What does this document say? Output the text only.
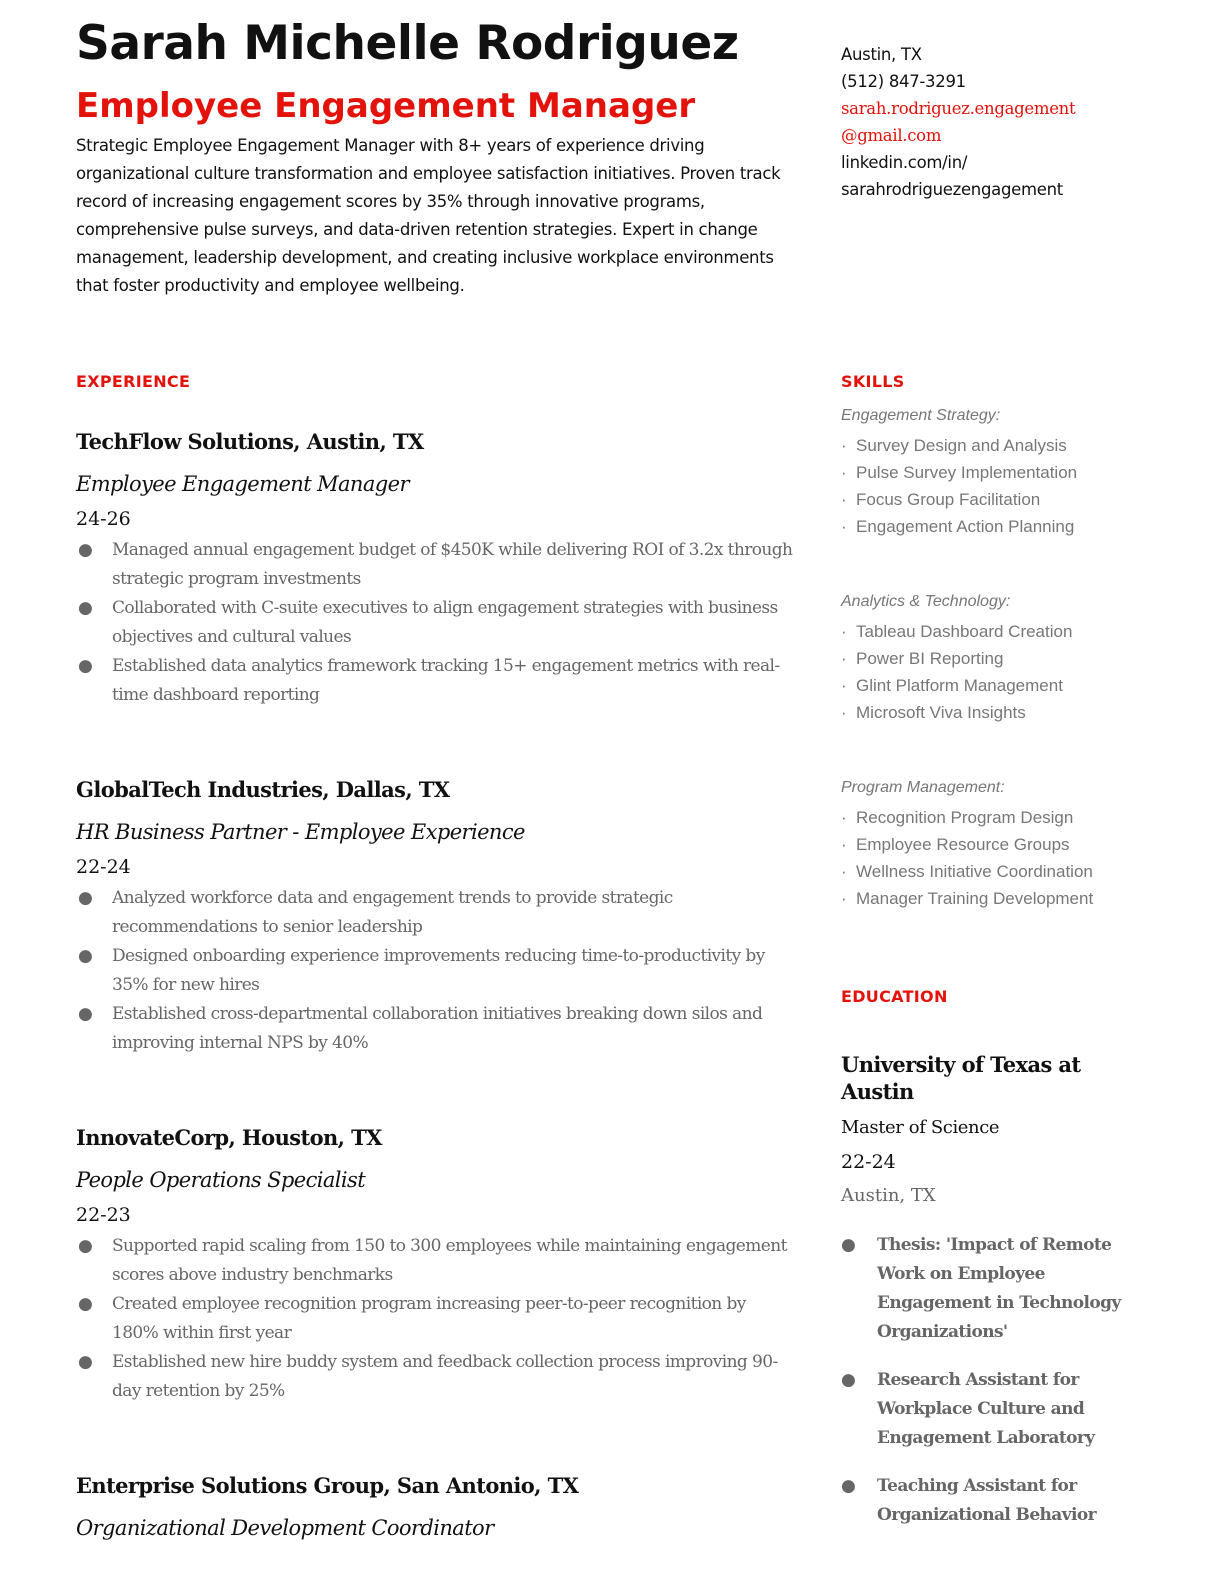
Sarah Michelle Rodriguez
Employee Engagement Manager

Strategic Employee Engagement Manager with 8+ years of experience driving organizational culture transformation and employee satisfaction initiatives. Proven track record of increasing engagement scores by 35% through innovative programs, comprehensive pulse surveys, and data-driven retention strategies. Expert in change management, leadership development, and creating inclusive workplace environments that foster productivity and employee wellbeing.

Austin, TX
(512) 847-3291
sarah.rodriguez.engagement
@gmail.com
linkedin.com/in/
sarahrodriguezengagement
EXPERIENCE
TechFlow Solutions, Austin, TX
Employee Engagement Manager
24-26
● Managed annual engagement budget of $450K while delivering ROI of 3.2x through strategic program investments
● Collaborated with C-suite executives to align engagement strategies with business objectives and cultural values
● Established data analytics framework tracking 15+ engagement metrics with real-time dashboard reporting
GlobalTech Industries, Dallas, TX
HR Business Partner - Employee Experience
22-24
● Analyzed workforce data and engagement trends to provide strategic recommendations to senior leadership
● Designed onboarding experience improvements reducing time-to-productivity by 35% for new hires
● Established cross-departmental collaboration initiatives breaking down silos and improving internal NPS by 40%
InnovateCorp, Houston, TX
People Operations Specialist
22-23
● Supported rapid scaling from 150 to 300 employees while maintaining engagement scores above industry benchmarks
● Created employee recognition program increasing peer-to-peer recognition by 180% within first year
● Established new hire buddy system and feedback collection process improving 90-day retention by 25%
Enterprise Solutions Group, San Antonio, TX
Organizational Development Coordinator
SKILLS
Engagement Strategy:
· Survey Design and Analysis
· Pulse Survey Implementation
· Focus Group Facilitation
· Engagement Action Planning
Analytics & Technology:
· Tableau Dashboard Creation
· Power BI Reporting
· Glint Platform Management
· Microsoft Viva Insights
Program Management:
· Recognition Program Design
· Employee Resource Groups
· Wellness Initiative Coordination
· Manager Training Development
EDUCATION
University of Texas at Austin
Master of Science
22-24
Austin, TX
● Thesis: 'Impact of Remote Work on Employee Engagement in Technology Organizations'
● Research Assistant for Workplace Culture and Engagement Laboratory
● Teaching Assistant for Organizational Behavior
